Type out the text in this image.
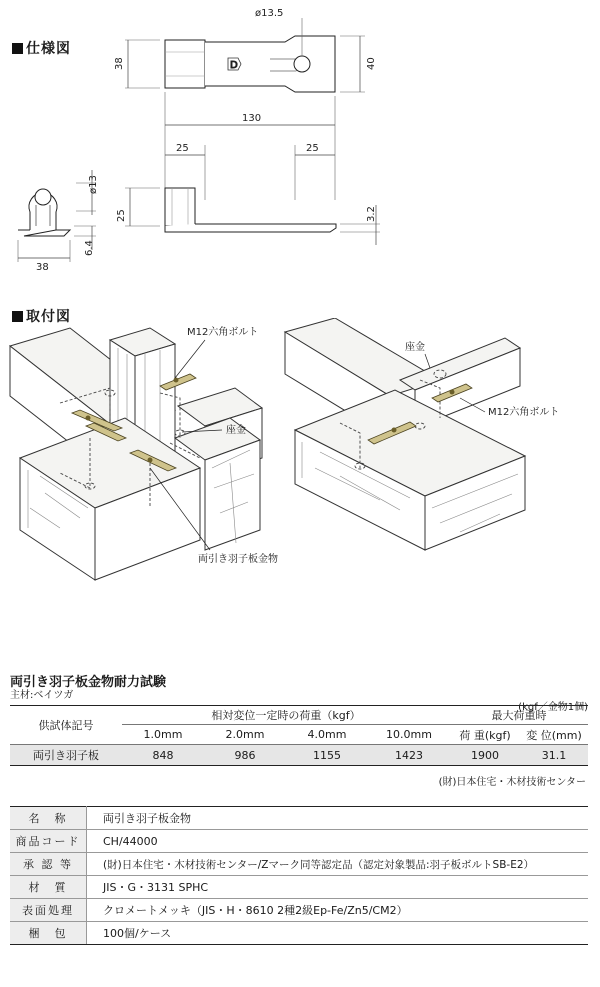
仕様図
D
ø13.5
38	40
130
25	25
25	3.2
ø13
6.4
38
取付図
M12六角ボルト
座金
両引き羽子板金物
座金
M12六角ボルト
両引き羽子板金物耐力試験
主材:ベイツガ
(kgf／金物1個)
供試体記号	相対変位一定時の荷重（kgf）				最大荷重時	
	1.0mm	2.0mm	4.0mm	10.0mm	荷 重(kgf)	変 位(mm)
両引き羽子板	848	986	1155	1423	1900	31.1
(財)日本住宅・木材技術センター
名　称	両引き羽子板金物
商品コード	CH/44000
承 認 等	(財)日本住宅・木材技術センター/Zマーク同等認定品（認定対象製品:羽子板ボルトSB-E2）
材　質	JIS・G・3131 SPHC
表面処理	クロメートメッキ（JIS・H・8610 2種2級Ep-Fe/Zn5/CM2）
梱　包	100個/ケース
